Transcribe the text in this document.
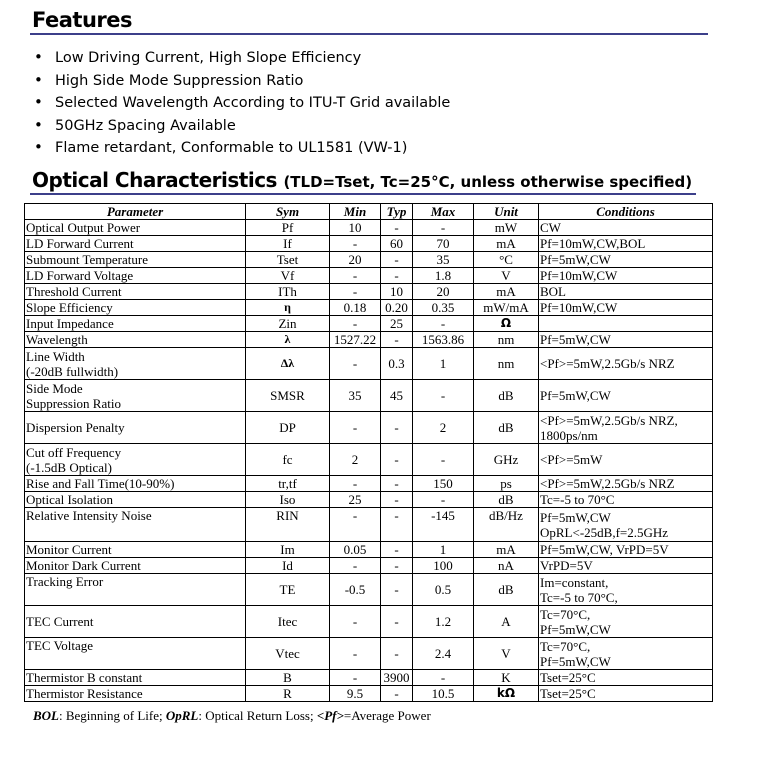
Features
• Low Driving Current, High Slope Efficiency
• High Side Mode Suppression Ratio
• Selected Wavelength According to ITU-T Grid available
• 50GHz Spacing Available
• Flame retardant, Conformable to UL1581 (VW-1)
Optical Characteristics (TLD=Tset, Tc=25°C, unless otherwise specified)
Parameter	Sym	Min	Typ	Max	Unit	Conditions
Optical Output Power	Pf	10	-	-	mW	CW
LD Forward Current	If	-	60	70	mA	Pf=10mW,CW,BOL
Submount Temperature	Tset	20	-	35	°C	Pf=5mW,CW
LD Forward Voltage	Vf	-	-	1.8	V	Pf=10mW,CW
Threshold Current	ITh	-	10	20	mA	BOL
Slope Efficiency	η	0.18	0.20	0.35	mW/mA	Pf=10mW,CW
Input Impedance	Zin	-	25	-	Ω	
Wavelength	λ	1527.22	-	1563.86	nm	Pf=5mW,CW
Line Width
(-20dB fullwidth)	Δλ	-	0.3	1	nm	<Pf>=5mW,2.5Gb/s NRZ
Side Mode
Suppression Ratio	SMSR	35	45	-	dB	Pf=5mW,CW
Dispersion Penalty	DP	-	-	2	dB	<Pf>=5mW,2.5Gb/s NRZ,
1800ps/nm
Cut off Frequency
(-1.5dB Optical)	fc	2	-	-	GHz	<Pf>=5mW
Rise and Fall Time(10-90%)	tr,tf	-	-	150	ps	<Pf>=5mW,2.5Gb/s NRZ
Optical Isolation	Iso	25	-	-	dB	Tc=-5 to 70°C
Relative Intensity Noise	RIN	-	-	-145	dB/Hz	Pf=5mW,CW
OpRL<-25dB,f=2.5GHz
Monitor Current	Im	0.05	-	1	mA	Pf=5mW,CW, VrPD=5V
Monitor Dark Current	Id	-	-	100	nA	VrPD=5V
Tracking Error	TE	-0.5	-	0.5	dB	Im=constant,
Tc=-5 to 70°C,
TEC Current	Itec	-	-	1.2	A	Tc=70°C,
Pf=5mW,CW
TEC Voltage	Vtec	-	-	2.4	V	Tc=70°C,
Pf=5mW,CW
Thermistor B constant	B	-	3900	-	K	Tset=25°C
Thermistor Resistance	R	9.5	-	10.5	kΩ	Tset=25°C
BOL: Beginning of Life; OpRL: Optical Return Loss; <Pf>=Average Power
